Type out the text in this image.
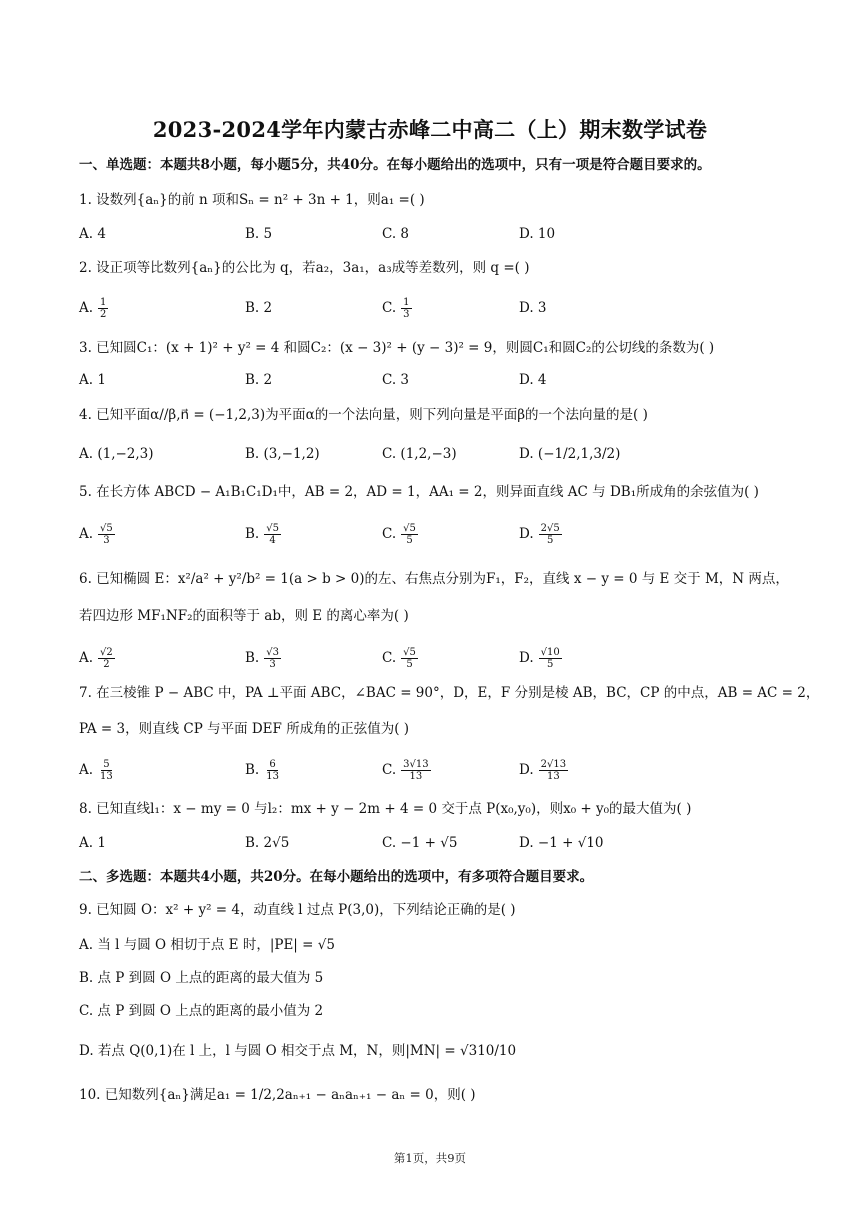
2023-2024学年内蒙古赤峰二中高二（上）期末数学试卷
一、单选题：本题共8小题，每小题5分，共40分。在每小题给出的选项中，只有一项是符合题目要求的。
1. 设数列{aₙ}的前 n 项和Sₙ = n² + 3n + 1，则a₁ =( )
A. 4	B. 5	C. 8	D. 10
2. 设正项等比数列{aₙ}的公比为 q，若a₂，3a₁，a₃成等差数列，则 q =( )
A. $\frac{1}{2}$	B. 2	C. $\frac{1}{3}$	D. 3
3. 已知圆C₁：(x + 1)² + y² = 4 和圆C₂：(x − 3)² + (y − 3)² = 9，则圆C₁和圆C₂的公切线的条数为( )
A. 1	B. 2	C. 3	D. 4
4. 已知平面α//β,n⃗ = (−1,2,3)为平面α的一个法向量，则下列向量是平面β的一个法向量的是( )
A. (1,−2,3)	B. (3,−1,2)	C. (1,2,−3)	D. (−1/2,1,3/2)
5. 在长方体 ABCD − A₁B₁C₁D₁中，AB = 2，AD = 1，AA₁ = 2，则异面直线 AC 与 DB₁所成角的余弦值为( )
A. $\frac{√5}{3}$	B. $\frac{√5}{4}$	C. $\frac{√5}{5}$	D. $\frac{2√5}{5}$
6. 已知椭圆 E：x²/a² + y²/b² = 1(a > b > 0)的左、右焦点分别为F₁，F₂，直线 x − y = 0 与 E 交于 M，N 两点，
若四边形 MF₁NF₂的面积等于 ab，则 E 的离心率为( )
A. $\frac{√2}{2}$	B. $\frac{√3}{3}$	C. $\frac{√5}{5}$	D. $\frac{√10}{5}$
7. 在三棱锥 P − ABC 中，PA ⊥平面 ABC，∠BAC = 90°，D，E，F 分别是棱 AB，BC，CP 的中点，AB = AC = 2，
PA = 3，则直线 CP 与平面 DEF 所成角的正弦值为( )
A. $\frac{5}{13}$	B. $\frac{6}{13}$	C. $\frac{3√13}{13}$	D. $\frac{2√13}{13}$
8. 已知直线l₁：x − my = 0 与l₂：mx + y − 2m + 4 = 0 交于点 P(x₀,y₀)，则x₀ + y₀的最大值为( )
A. 1	B. 2√5	C. −1 + √5	D. −1 + √10
二、多选题：本题共4小题，共20分。在每小题给出的选项中，有多项符合题目要求。
9. 已知圆 O：x² + y² = 4，动直线 l 过点 P(3,0)，下列结论正确的是( )
A. 当 l 与圆 O 相切于点 E 时，|PE| = √5
B. 点 P 到圆 O 上点的距离的最大值为 5
C. 点 P 到圆 O 上点的距离的最小值为 2
D. 若点 Q(0,1)在 l 上，l 与圆 O 相交于点 M，N，则|MN| = √310/10
10. 已知数列{aₙ}满足a₁ = 1/2,2aₙ₊₁ − aₙaₙ₊₁ − aₙ = 0，则( )
第1页，共9页
